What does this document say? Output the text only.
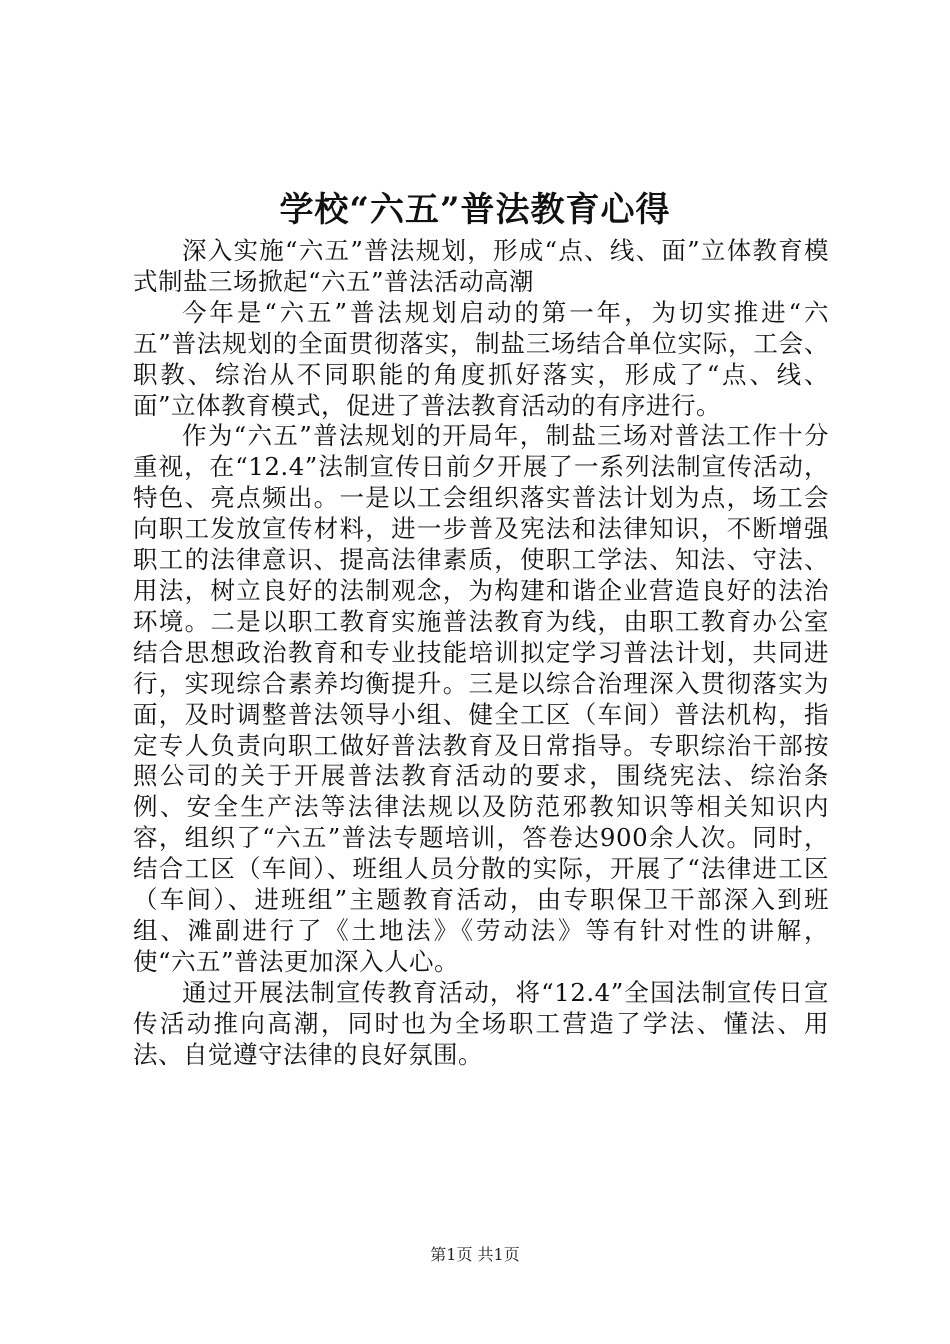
学校“六五”普法教育心得

深入实施“六五”普法规划，形成“点、线、面”立体教育模式制盐三场掀起“六五”普法活动高潮

今年是“六五”普法规划启动的第一年，为切实推进“六五”普法规划的全面贯彻落实，制盐三场结合单位实际，工会、职教、综治从不同职能的角度抓好落实，形成了“点、线、面”立体教育模式，促进了普法教育活动的有序进行。

作为“六五”普法规划的开局年，制盐三场对普法工作十分重视，在“12.4”法制宣传日前夕开展了一系列法制宣传活动，特色、亮点频出。一是以工会组织落实普法计划为点，场工会向职工发放宣传材料，进一步普及宪法和法律知识，不断增强职工的法律意识、提高法律素质，使职工学法、知法、守法、用法，树立良好的法制观念，为构建和谐企业营造良好的法治环境。二是以职工教育实施普法教育为线，由职工教育办公室结合思想政治教育和专业技能培训拟定学习普法计划，共同进行，实现综合素养均衡提升。三是以综合治理深入贯彻落实为面，及时调整普法领导小组、健全工区（车间）普法机构，指定专人负责向职工做好普法教育及日常指导。专职综治干部按照公司的关于开展普法教育活动的要求，围绕宪法、综治条例、安全生产法等法律法规以及防范邪教知识等相关知识内容，组织了“六五”普法专题培训，答卷达900余人次。同时，结合工区（车间）、班组人员分散的实际，开展了“法律进工区（车间）、进班组”主题教育活动，由专职保卫干部深入到班组、滩副进行了《土地法》《劳动法》等有针对性的讲解，使“六五”普法更加深入人心。

通过开展法制宣传教育活动，将“12.4”全国法制宣传日宣传活动推向高潮，同时也为全场职工营造了学法、懂法、用法、自觉遵守法律的良好氛围。

第1页 共1页
